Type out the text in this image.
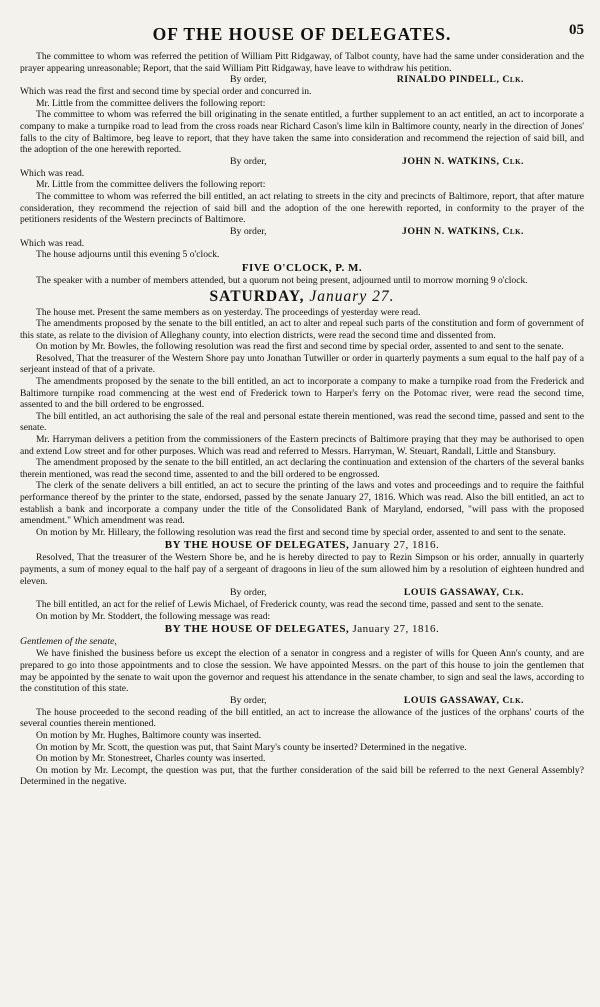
05
OF THE HOUSE OF DELEGATES.

The committee to whom was referred the petition of William Pitt Ridgaway, of Talbot county, have had the same under consideration and the prayer appearing unreasonable; Report, that the said William Pitt Ridgaway, have leave to withdraw his petition.

By order,	RINALDO PINDELL, Clk.

Which was read the first and second time by special order and concurred in.

Mr. Little from the committee delivers the following report:

The committee to whom was referred the bill originating in the senate entitled, a further supplement to an act entitled, an act to incorporate a company to make a turnpike road to lead from the cross roads near Richard Cason's lime kiln in Baltimore county, nearly in the direction of Jones' falls to the city of Baltimore, beg leave to report, that they have taken the same into consideration and recommend the rejection of said bill, and the adoption of the one herewith reported.

By order,	JOHN N. WATKINS, Clk.

Which was read.

Mr. Little from the committee delivers the following report:

The committee to whom was referred the bill entitled, an act relating to streets in the city and precincts of Baltimore, report, that after mature consideration, they recommend the rejection of said bill and the adoption of the one herewith reported, in conformity to the prayer of the petitioners residents of the Western precincts of Baltimore.

By order,	JOHN N. WATKINS, Clk.

Which was read.

The house adjourns until this evening 5 o'clock.

FIVE O'CLOCK, P. M.

The speaker with a number of members attended, but a quorum not being present, adjourned until to morrow morning 9 o'clock.

SATURDAY, January 27.

The house met. Present the same members as on yesterday. The proceedings of yesterday were read.

The amendments proposed by the senate to the bill entitled, an act to alter and repeal such parts of the constitution and form of government of this state, as relate to the division of Alleghany county, into election districts, were read the second time and dissented from.

On motion by Mr. Bowles, the following resolution was read the first and second time by special order, assented to and sent to the senate.

Resolved, That the treasurer of the Western Shore pay unto Jonathan Tutwiller or order in quarterly payments a sum equal to the half pay of a serjeant instead of that of a private.

The amendments proposed by the senate to the bill entitled, an act to incorporate a company to make a turnpike road from the Frederick and Baltimore turnpike road commencing at the west end of Frederick town to Harper's ferry on the Potomac river, were read the second time, assented to and the bill ordered to be engrossed.

The bill entitled, an act authorising the sale of the real and personal estate therein mentioned, was read the second time, passed and sent to the senate.

Mr. Harryman delivers a petition from the commissioners of the Eastern precincts of Baltimore praying that they may be authorised to open and extend Low street and for other purposes. Which was read and referred to Messrs. Harryman, W. Steuart, Randall, Little and Stansbury.

The amendment proposed by the senate to the bill entitled, an act declaring the continuation and extension of the charters of the several banks therein mentioned, was read the second time, assented to and the bill ordered to be engrossed.

The clerk of the senate delivers a bill entitled, an act to secure the printing of the laws and votes and proceedings and to require the faithful performance thereof by the printer to the state, endorsed, passed by the senate January 27, 1816. Which was read. Also the bill entitled, an act to establish a bank and incorporate a company under the title of the Consolidated Bank of Maryland, endorsed, "will pass with the proposed amendment." Which amendment was read.

On motion by Mr. Hilleary, the following resolution was read the first and second time by special order, assented to and sent to the senate.

BY THE HOUSE OF DELEGATES, January 27, 1816.

Resolved, That the treasurer of the Western Shore be, and he is hereby directed to pay to Rezin Simpson or his order, annually in quarterly payments, a sum of money equal to the half pay of a sergeant of dragoons in lieu of the sum allowed him by a resolution of eighteen hundred and eleven.

By order,	LOUIS GASSAWAY, Clk.

The bill entitled, an act for the relief of Lewis Michael, of Frederick county, was read the second time, passed and sent to the senate.

On motion by Mr. Stoddert, the following message was read:

BY THE HOUSE OF DELEGATES, January 27, 1816.
Gentlemen of the senate,

We have finished the business before us except the election of a senator in congress and a register of wills for Queen Ann's county, and are prepared to go into those appointments and to close the session. We have appointed Messrs. on the part of this house to join the gentlemen that may be appointed by the senate to wait upon the governor and request his attendance in the senate chamber, to sign and seal the laws, according to the constitution of this state.

By order,	LOUIS GASSAWAY, Clk.

The house proceeded to the second reading of the bill entitled, an act to increase the allowance of the justices of the orphans' courts of the several counties therein mentioned.

On motion by Mr. Hughes, Baltimore county was inserted.

On motion by Mr. Scott, the question was put, that Saint Mary's county be inserted? Determined in the negative.

On motion by Mr. Stonestreet, Charles county was inserted.

On motion by Mr. Lecompt, the question was put, that the further consideration of the said bill be referred to the next General Assembly? Determined in the negative.
